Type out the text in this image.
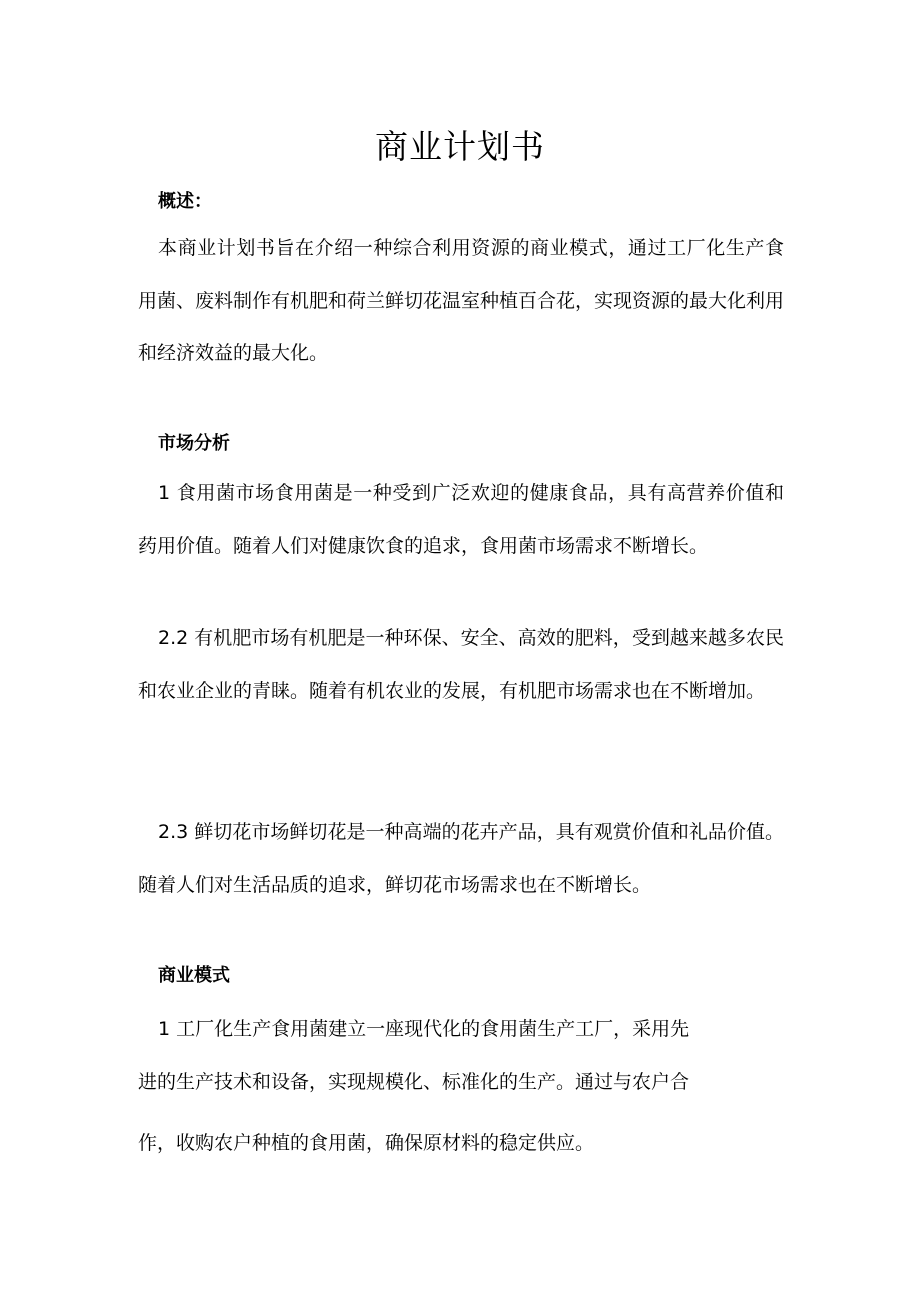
商业计划书
概述：

本商业计划书旨在介绍一种综合利用资源的商业模式，通过工厂化生产食用菌、废料制作有机肥和荷兰鲜切花温室种植百合花，实现资源的最大化利用和经济效益的最大化。

市场分析

1 食用菌市场食用菌是一种受到广泛欢迎的健康食品，具有高营养价值和药用价值。随着人们对健康饮食的追求，食用菌市场需求不断增长。

2.2 有机肥市场有机肥是一种环保、安全、高效的肥料，受到越来越多农民和农业企业的青睐。随着有机农业的发展，有机肥市场需求也在不断增加。

2.3 鲜切花市场鲜切花是一种高端的花卉产品，具有观赏价值和礼品价值。随着人们对生活品质的追求，鲜切花市场需求也在不断增长。

商业模式

1 工厂化生产食用菌建立一座现代化的食用菌生产工厂，采用先

进的生产技术和设备，实现规模化、标准化的生产。通过与农户合

作，收购农户种植的食用菌，确保原材料的稳定供应。
